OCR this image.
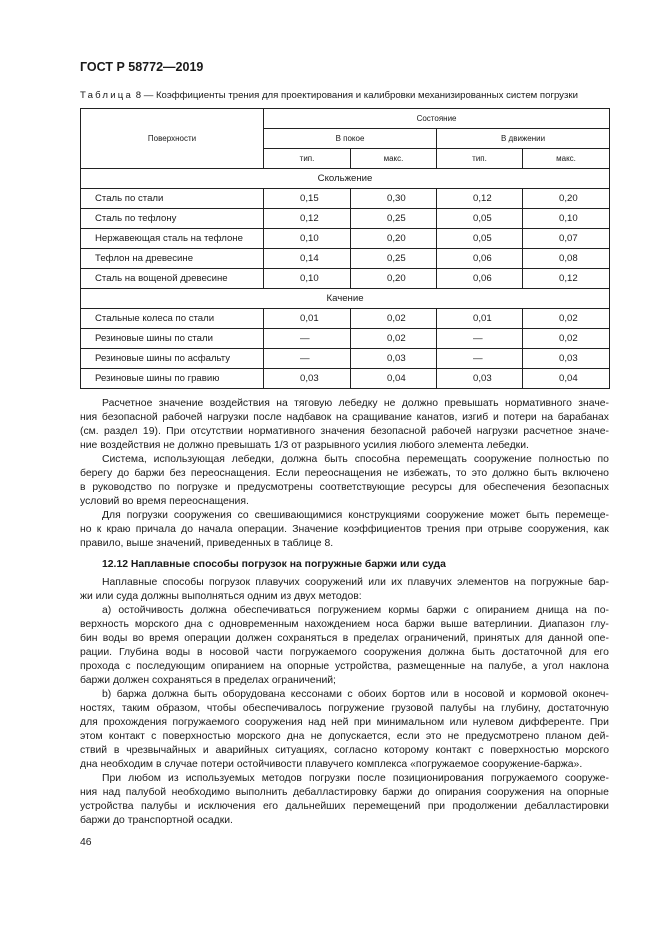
ГОСТ Р 58772—2019
Таблица 8 — Коэффициенты трения для проектирования и калибровки механизированных систем погрузки
Поверхности	Состояние			
	В покое		В движении	
	тип.	макс.	тип.	макс.
Скольжение				
Сталь по стали	0,15	0,30	0,12	0,20
Сталь по тефлону	0,12	0,25	0,05	0,10
Нержавеющая сталь на тефлоне	0,10	0,20	0,05	0,07
Тефлон на древесине	0,14	0,25	0,06	0,08
Сталь на вощеной древесине	0,10	0,20	0,06	0,12
Качение				
Стальные колеса по стали	0,01	0,02	0,01	0,02
Резиновые шины по стали	—	0,02	—	0,02
Резиновые шины по асфальту	—	0,03	—	0,03
Резиновые шины по гравию	0,03	0,04	0,03	0,04
Расчетное значение воздействия на тяговую лебедку не должно превышать нормативного значе-
ния безопасной рабочей нагрузки после надбавок на сращивание канатов, изгиб и потери на барабанах
(см. раздел 19). При отсутствии нормативного значения безопасной рабочей нагрузки расчетное значе-
ние воздействия не должно превышать 1/3 от разрывного усилия любого элемента лебедки.
Система, использующая лебедки, должна быть способна перемещать сооружение полностью по
берегу до баржи без переоснащения. Если переоснащения не избежать, то это должно быть включено
в руководство по погрузке и предусмотрены соответствующие ресурсы для обеспечения безопасных
условий во время переоснащения.
Для погрузки сооружения со свешивающимися конструкциями сооружение может быть перемеще-
но к краю причала до начала операции. Значение коэффициентов трения при отрыве сооружения, как
правило, выше значений, приведенных в таблице 8.
12.12 Наплавные способы погрузок на погружные баржи или суда
Наплавные способы погрузок плавучих сооружений или их плавучих элементов на погружные бар-
жи или суда должны выполняться одним из двух методов:
а) остойчивость должна обеспечиваться погружением кормы баржи с опиранием днища на по-
верхность морского дна с одновременным нахождением носа баржи выше ватерлинии. Диапазон глу-
бин воды во время операции должен сохраняться в пределах ограничений, принятых для данной опе-
рации. Глубина воды в носовой части погружаемого сооружения должна быть достаточной для его
прохода с последующим опиранием на опорные устройства, размещенные на палубе, а угол наклона
баржи должен сохраняться в пределах ограничений;
b) баржа должна быть оборудована кессонами с обоих бортов или в носовой и кормовой оконеч-
ностях, таким образом, чтобы обеспечивалось погружение грузовой палубы на глубину, достаточную
для прохождения погружаемого сооружения над ней при минимальном или нулевом дифференте. При
этом контакт с поверхностью морского дна не допускается, если это не предусмотрено планом дей-
ствий в чрезвычайных и аварийных ситуациях, согласно которому контакт с поверхностью морского
дна необходим в случае потери остойчивости плавучего комплекса «погружаемое сооружение-баржа».
При любом из используемых методов погрузки после позиционирования погружаемого сооруже-
ния над палубой необходимо выполнить дебалластировку баржи до опирания сооружения на опорные
устройства палубы и исключения его дальнейших перемещений при продолжении дебалластировки
баржи до транспортной осадки.
46
